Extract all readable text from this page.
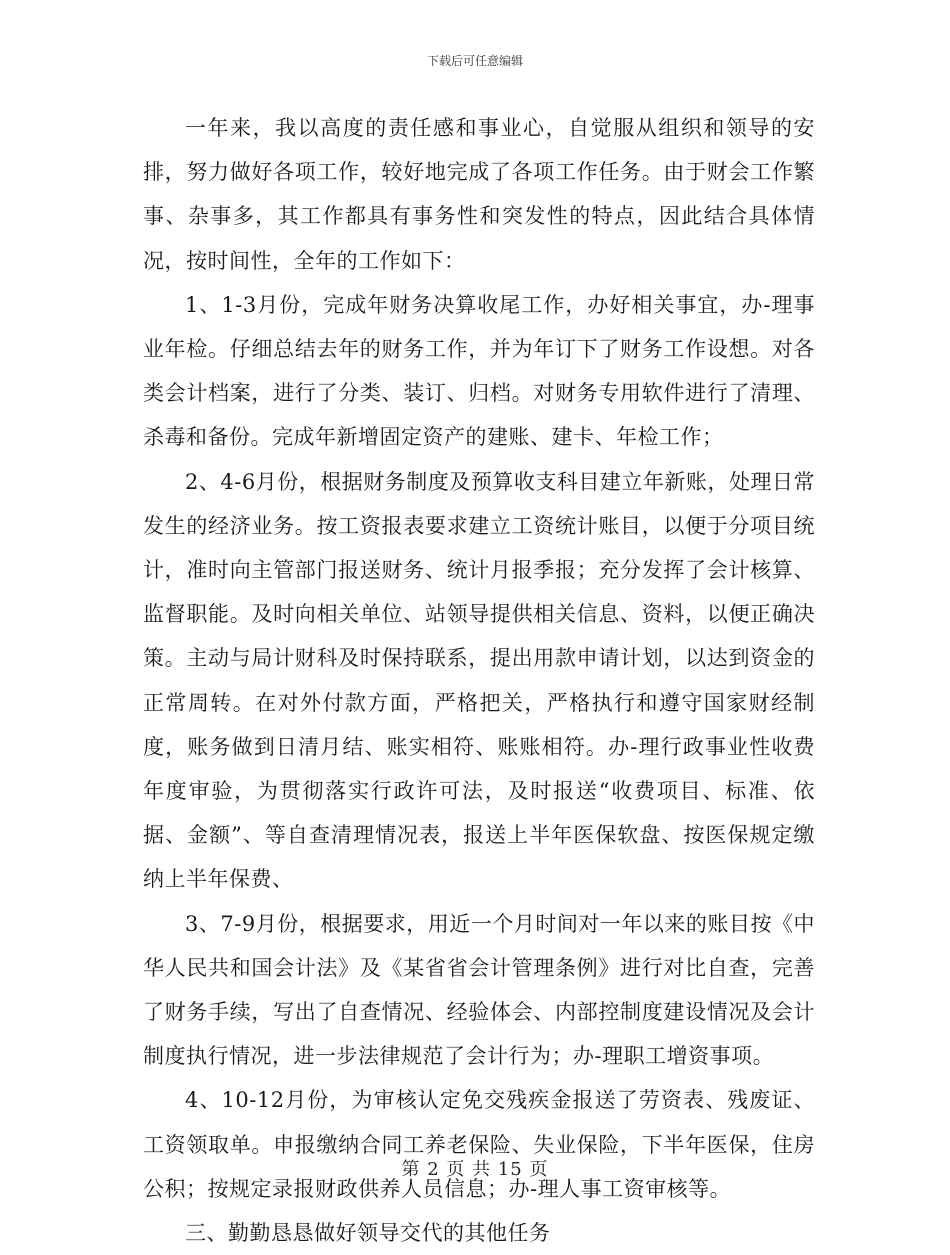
下载后可任意编辑

一年来，我以高度的责任感和事业心，自觉服从组织和领导的安排，努力做好各项工作，较好地完成了各项工作任务。由于财会工作繁事、杂事多，其工作都具有事务性和突发性的特点，因此结合具体情况，按时间性，全年的工作如下：

1、1-3月份，完成年财务决算收尾工作，办好相关事宜，办-理事业年检。仔细总结去年的财务工作，并为年订下了财务工作设想。对各类会计档案，进行了分类、装订、归档。对财务专用软件进行了清理、杀毒和备份。完成年新增固定资产的建账、建卡、年检工作；

2、4-6月份，根据财务制度及预算收支科目建立年新账，处理日常发生的经济业务。按工资报表要求建立工资统计账目，以便于分项目统计，准时向主管部门报送财务、统计月报季报；充分发挥了会计核算、监督职能。及时向相关单位、站领导提供相关信息、资料，以便正确决策。主动与局计财科及时保持联系，提出用款申请计划，以达到资金的正常周转。在对外付款方面，严格把关，严格执行和遵守国家财经制度，账务做到日清月结、账实相符、账账相符。办-理行政事业性收费年度审验，为贯彻落实行政许可法，及时报送“收费项目、标准、依据、金额”、等自查清理情况表，报送上半年医保软盘、按医保规定缴纳上半年保费、

3、7-9月份，根据要求，用近一个月时间对一年以来的账目按《中华人民共和国会计法》及《某省省会计管理条例》进行对比自查，完善了财务手续，写出了自查情况、经验体会、内部控制度建设情况及会计制度执行情况，进一步法律规范了会计行为；办-理职工增资事项。

4、10-12月份，为审核认定免交残疾金报送了劳资表、残废证、工资领取单。申报缴纳合同工养老保险、失业保险，下半年医保，住房公积；按规定录报财政供养人员信息；办-理人事工资审核等。

三、勤勤恳恳做好领导交代的其他任务

第 2 页 共 15 页
